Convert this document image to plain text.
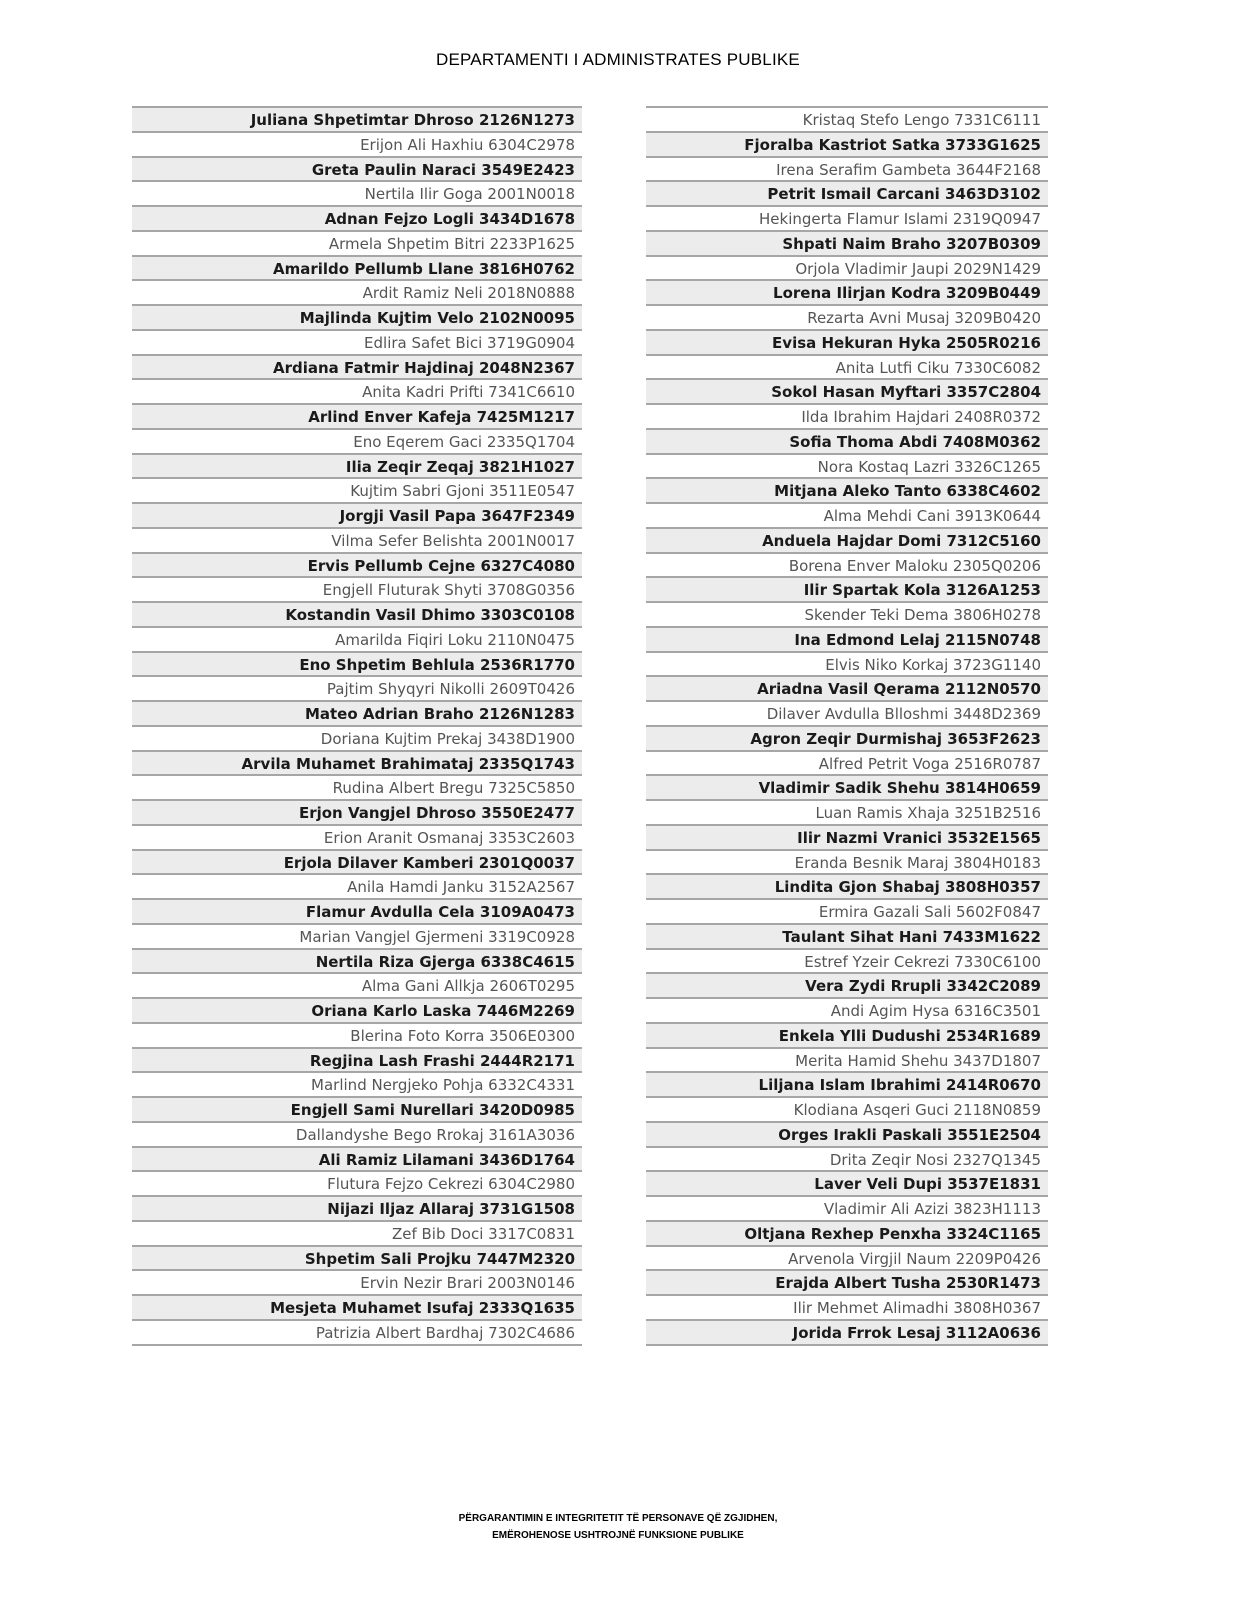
DEPARTAMENTI I ADMINISTRATES PUBLIKE
Juliana Shpetimtar Dhroso 2126N1273
Erijon Ali Haxhiu 6304C2978
Greta Paulin Naraci 3549E2423
Nertila Ilir Goga 2001N0018
Adnan Fejzo Logli 3434D1678
Armela Shpetim Bitri 2233P1625
Amarildo Pellumb Llane 3816H0762
Ardit Ramiz Neli 2018N0888
Majlinda Kujtim Velo 2102N0095
Edlira Safet Bici 3719G0904
Ardiana Fatmir Hajdinaj 2048N2367
Anita Kadri Prifti 7341C6610
Arlind Enver Kafeja 7425M1217
Eno Eqerem Gaci 2335Q1704
Ilia Zeqir Zeqaj 3821H1027
Kujtim Sabri Gjoni 3511E0547
Jorgji Vasil Papa 3647F2349
Vilma Sefer Belishta 2001N0017
Ervis Pellumb Cejne 6327C4080
Engjell Fluturak Shyti 3708G0356
Kostandin Vasil Dhimo 3303C0108
Amarilda Fiqiri Loku 2110N0475
Eno Shpetim Behlula 2536R1770
Pajtim Shyqyri Nikolli 2609T0426
Mateo Adrian Braho 2126N1283
Doriana Kujtim Prekaj 3438D1900
Arvila Muhamet Brahimataj 2335Q1743
Rudina Albert Bregu 7325C5850
Erjon Vangjel Dhroso 3550E2477
Erion Aranit Osmanaj 3353C2603
Erjola Dilaver Kamberi 2301Q0037
Anila Hamdi Janku 3152A2567
Flamur Avdulla Cela 3109A0473
Marian Vangjel Gjermeni 3319C0928
Nertila Riza Gjerga 6338C4615
Alma Gani Allkja 2606T0295
Oriana Karlo Laska 7446M2269
Blerina Foto Korra 3506E0300
Regjina Lash Frashi 2444R2171
Marlind Nergjeko Pohja 6332C4331
Engjell Sami Nurellari 3420D0985
Dallandyshe Bego Rrokaj 3161A3036
Ali Ramiz Lilamani 3436D1764
Flutura Fejzo Cekrezi 6304C2980
Nijazi Iljaz Allaraj 3731G1508
Zef Bib Doci 3317C0831
Shpetim Sali Projku 7447M2320
Ervin Nezir Brari 2003N0146
Mesjeta Muhamet Isufaj 2333Q1635
Patrizia Albert Bardhaj 7302C4686
Kristaq Stefo Lengo 7331C6111
Fjoralba Kastriot Satka 3733G1625
Irena Serafim Gambeta 3644F2168
Petrit Ismail Carcani 3463D3102
Hekingerta Flamur Islami 2319Q0947
Shpati Naim Braho 3207B0309
Orjola Vladimir Jaupi 2029N1429
Lorena Ilirjan Kodra 3209B0449
Rezarta Avni Musaj 3209B0420
Evisa Hekuran Hyka 2505R0216
Anita Lutfi Ciku 7330C6082
Sokol Hasan Myftari 3357C2804
Ilda Ibrahim Hajdari 2408R0372
Sofia Thoma Abdi 7408M0362
Nora Kostaq Lazri 3326C1265
Mitjana Aleko Tanto 6338C4602
Alma Mehdi Cani 3913K0644
Anduela Hajdar Domi 7312C5160
Borena Enver Maloku 2305Q0206
Ilir Spartak Kola 3126A1253
Skender Teki Dema 3806H0278
Ina Edmond Lelaj 2115N0748
Elvis Niko Korkaj 3723G1140
Ariadna Vasil Qerama 2112N0570
Dilaver Avdulla Blloshmi 3448D2369
Agron Zeqir Durmishaj 3653F2623
Alfred Petrit Voga 2516R0787
Vladimir Sadik Shehu 3814H0659
Luan Ramis Xhaja 3251B2516
Ilir Nazmi Vranici 3532E1565
Eranda Besnik Maraj 3804H0183
Lindita Gjon Shabaj 3808H0357
Ermira Gazali Sali 5602F0847
Taulant Sihat Hani 7433M1622
Estref Yzeir Cekrezi 7330C6100
Vera Zydi Rrupli 3342C2089
Andi Agim Hysa 6316C3501
Enkela Ylli Dudushi 2534R1689
Merita Hamid Shehu 3437D1807
Liljana Islam Ibrahimi 2414R0670
Klodiana Asqeri Guci 2118N0859
Orges Irakli Paskali 3551E2504
Drita Zeqir Nosi 2327Q1345
Laver Veli Dupi 3537E1831
Vladimir Ali Azizi 3823H1113
Oltjana Rexhep Penxha 3324C1165
Arvenola Virgjil Naum 2209P0426
Erajda Albert Tusha 2530R1473
Ilir Mehmet Alimadhi 3808H0367
Jorida Frrok Lesaj 3112A0636
PËRGARANTIMIN E INTEGRITETIT TË PERSONAVE QË ZGJIDHEN,
EMËROHENOSE USHTROJNË FUNKSIONE PUBLIKE
